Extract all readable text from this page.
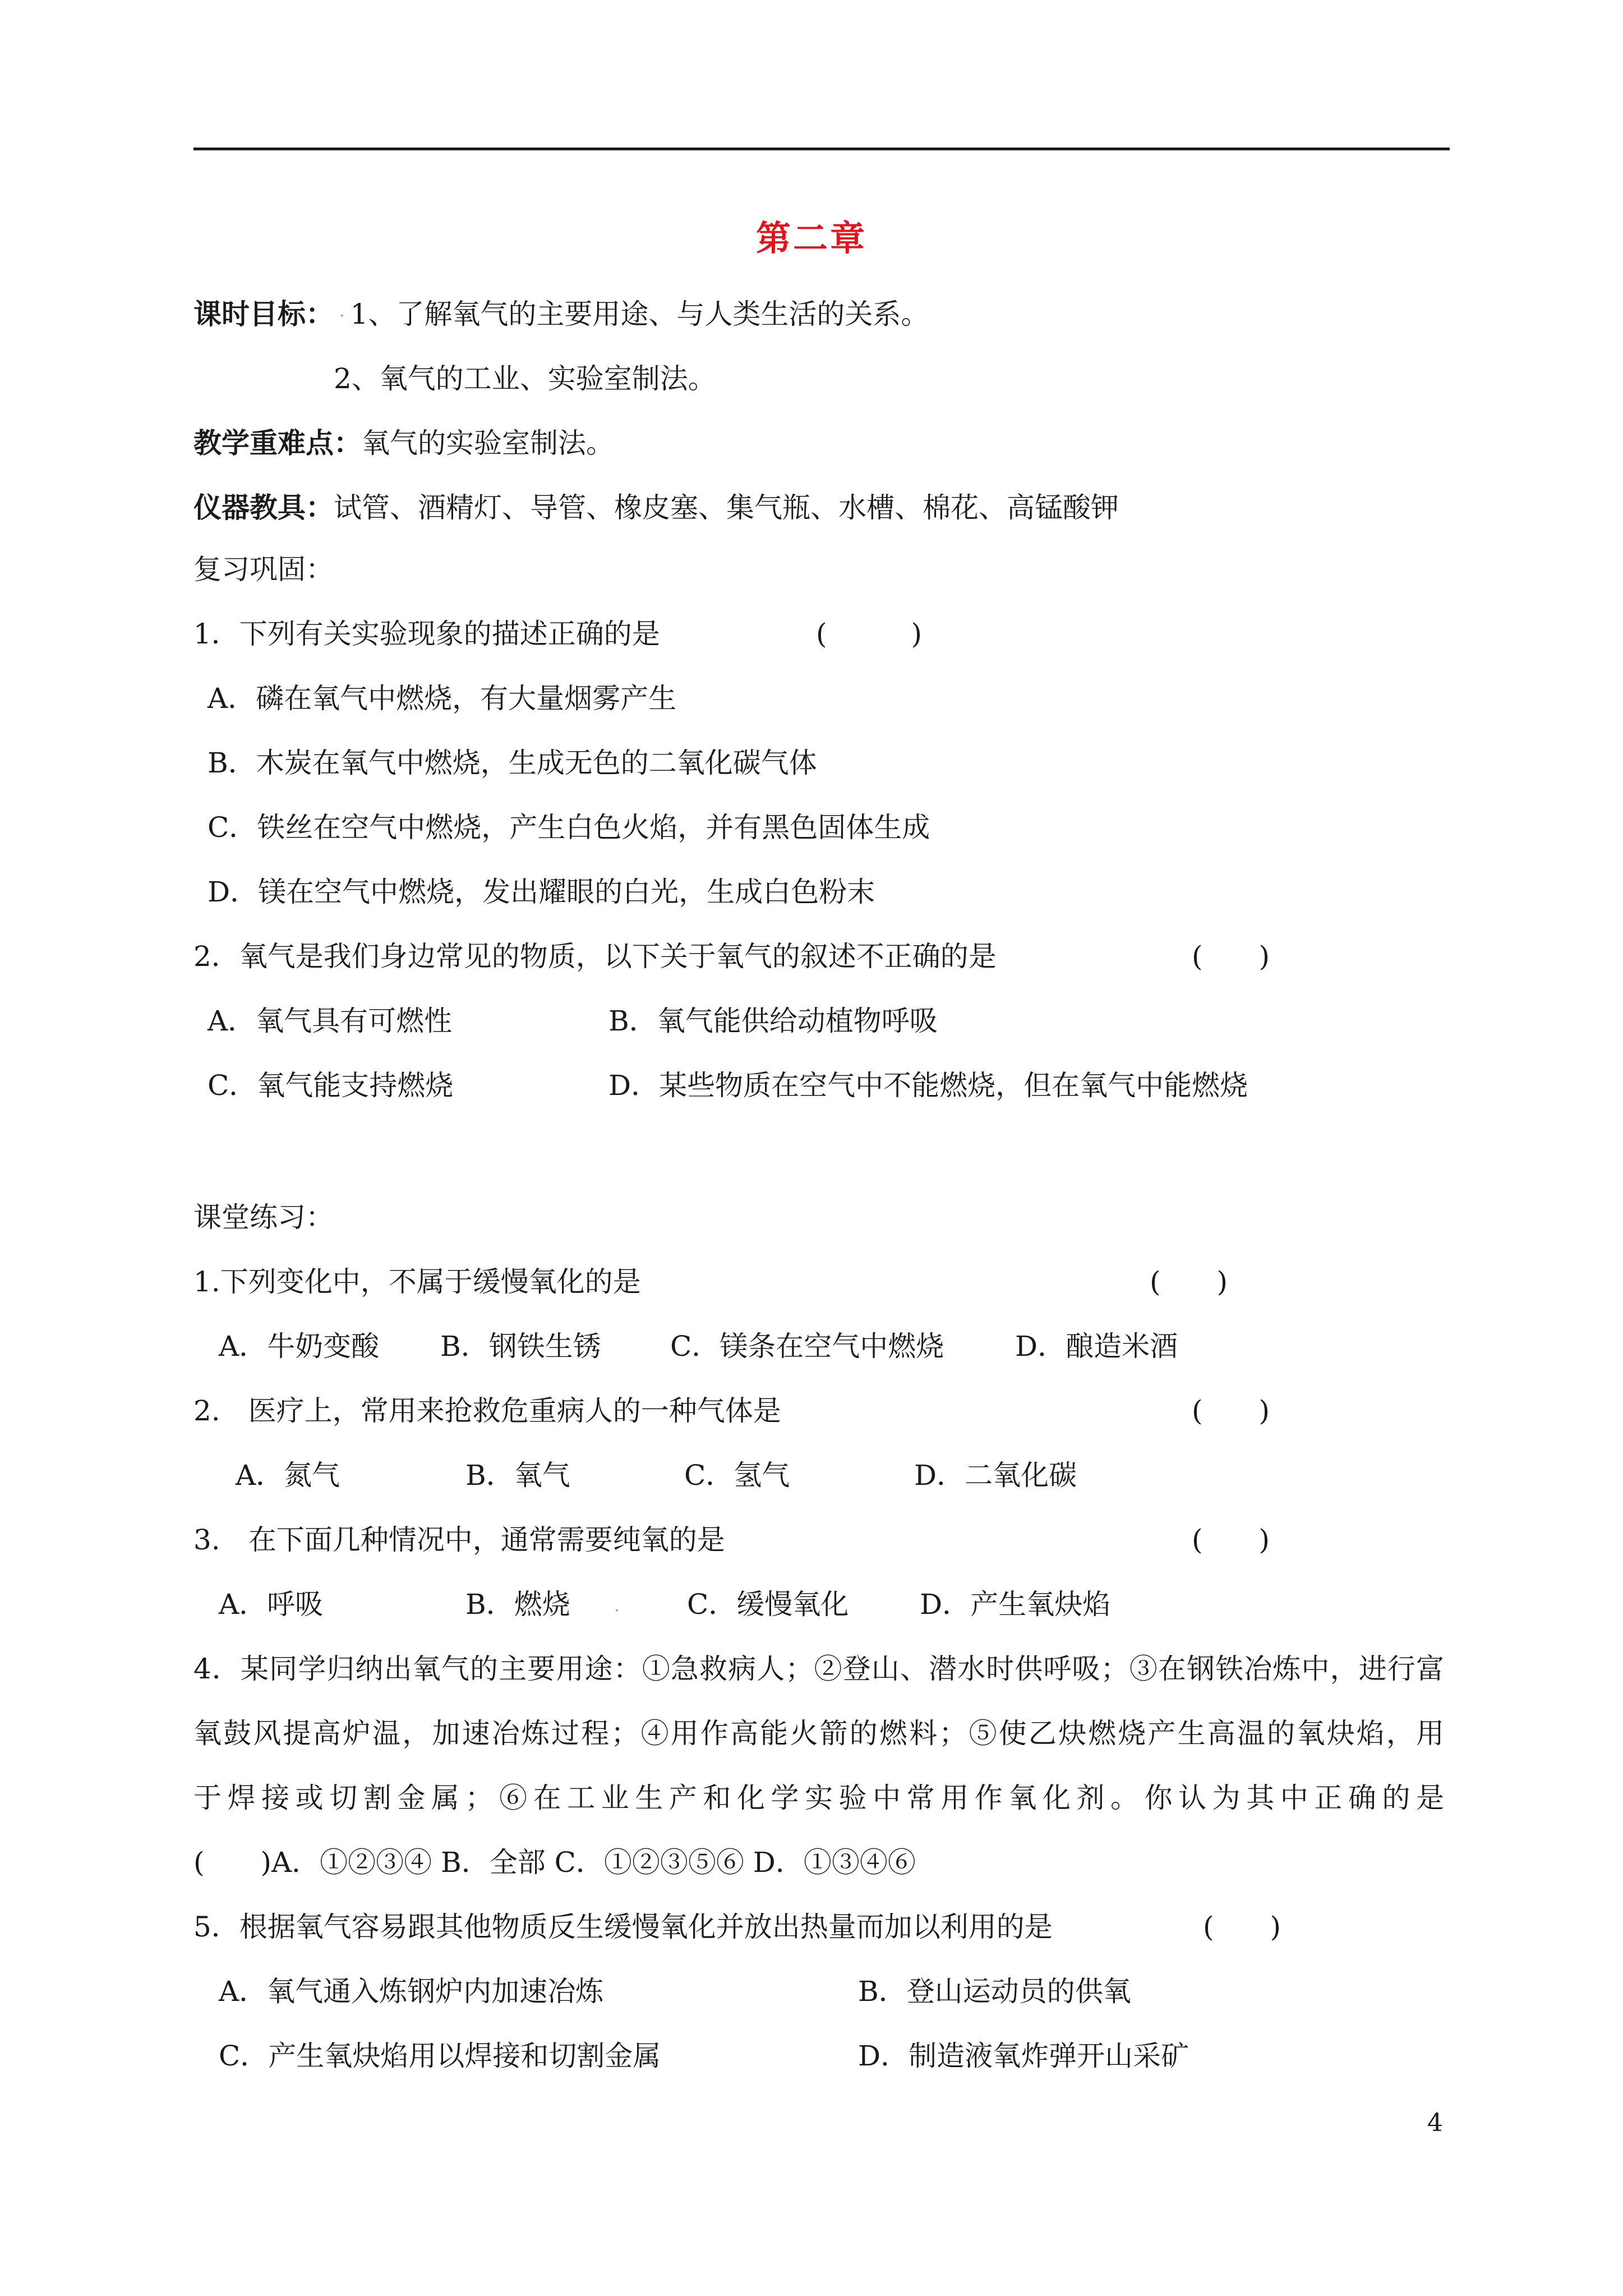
第二章
课时目标： · 1、了解氧气的主要用途、与人类生活的关系。
2、氧气的工业、实验室制法。
教学重难点：氧气的实验室制法。
仪器教具：试管、酒精灯、导管、橡皮塞、集气瓶、水槽、棉花、高锰酸钾
复习巩固：
1．下列有关实验现象的描述正确的是	(　　　)
A．磷在氧气中燃烧，有大量烟雾产生
B．木炭在氧气中燃烧，生成无色的二氧化碳气体
C．铁丝在空气中燃烧，产生白色火焰，并有黑色固体生成
D．镁在空气中燃烧，发出耀眼的白光，生成白色粉末
2．氧气是我们身边常见的物质，以下关于氧气的叙述不正确的是	(　　)
A．氧气具有可燃性	B．氧气能供给动植物呼吸
C．氧气能支持燃烧	D．某些物质在空气中不能燃烧，但在氧气中能燃烧
课堂练习：
1.下列变化中，不属于缓慢氧化的是	(　　)
A．牛奶变酸 B．钢铁生锈 C．镁条在空气中燃烧	D．酿造米酒
2.　医疗上，常用来抢救危重病人的一种气体是	(　　)
A．氮气	B．氧气	C．氢气	D．二氧化碳
3.　在下面几种情况中，通常需要纯氧的是	(　　)
A．呼吸	B．燃烧	· C．缓慢氧化	D．产生氧炔焰
4．某同学归纳出氧气的主要用途：①急救病人；②登山、潜水时供呼吸；③在钢铁冶炼中，进行富
氧鼓风提高炉温，加速冶炼过程；④用作高能火箭的燃料；⑤使乙炔燃烧产生高温的氧炔焰，用
于焊接或切割金属；⑥在工业生产和化学实验中常用作氧化剂。你认为其中正确的是
(　　)A．①②③④ B．全部 C．①②③⑤⑥ D．①③④⑥
5．根据氧气容易跟其他物质反生缓慢氧化并放出热量而加以利用的是	(　　)
A．氧气通入炼钢炉内加速冶炼	B．登山运动员的供氧
C．产生氧炔焰用以焊接和切割金属	D．制造液氧炸弹开山采矿
4
